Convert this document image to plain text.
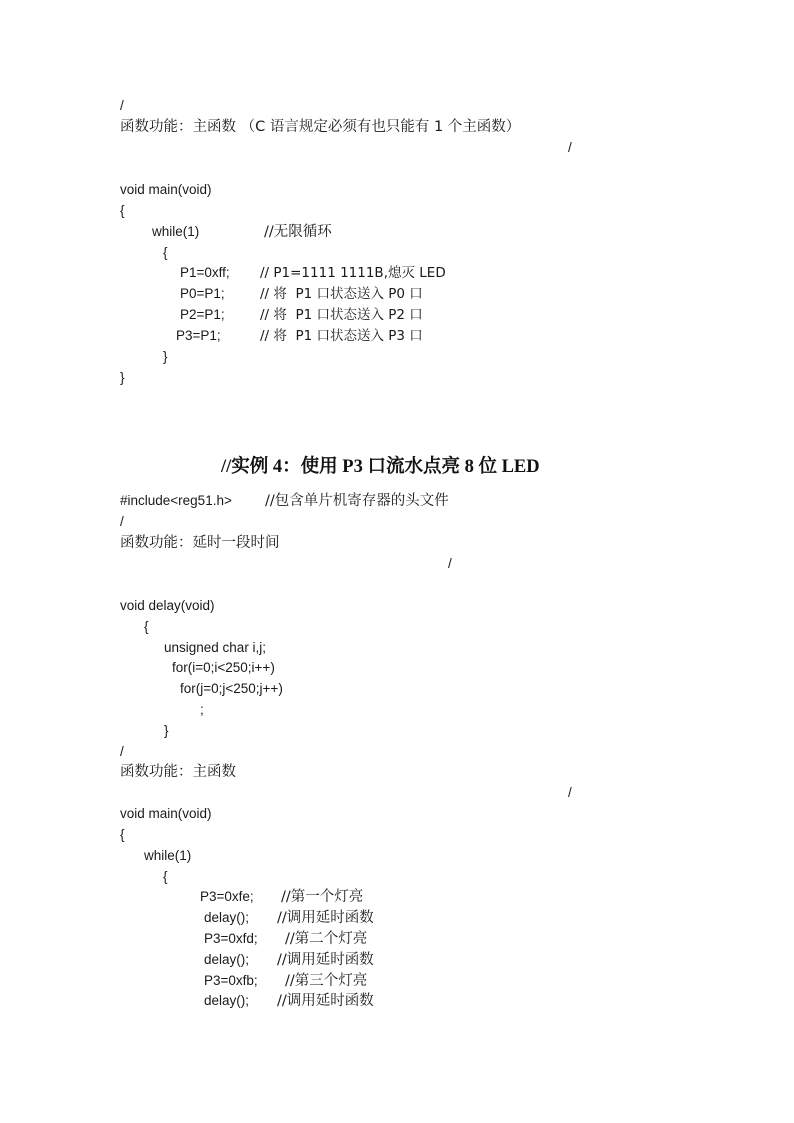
/
函数功能：主函数 （C 语言规定必须有也只能有 1 个主函数）
/
void main(void)
{
while(1)	//无限循环
{
P1=0xff; // P1=1111 1111B,熄灭 LED
P0=P1;	// 将  P1 口状态送入 P0 口
P2=P1;	// 将  P1 口状态送入 P2 口
P3=P1;	// 将  P1 口状态送入 P3 口
}
}
//实例 4：使用 P3 口流水点亮 8 位 LED
#include<reg51.h> //包含单片机寄存器的头文件
/
函数功能：延时一段时间
/
void delay(void)
{
unsigned char i,j;
for(i=0;i<250;i++)
for(j=0;j<250;j++)
;
}
/
函数功能：主函数
/
void main(void)
{
while(1)
{
P3=0xfe; //第一个灯亮
delay(); //调用延时函数
P3=0xfd; //第二个灯亮
delay(); //调用延时函数
P3=0xfb; //第三个灯亮
delay(); //调用延时函数
